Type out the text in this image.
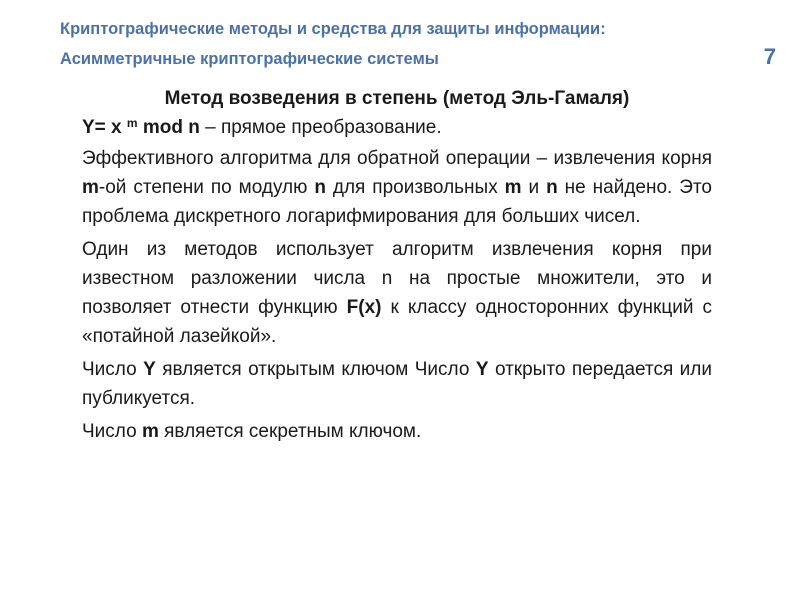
Криптографические методы и средства для защиты информации:
Асимметричные криптографические системы	7

Метод возведения в степень (метод Эль-Гамаля)

Y= x $^m$ mod n – прямое преобразование.

Эффективного алгоритма для обратной операции – извлечения корня m-ой степени по модулю n для произвольных m и n не найдено. Это проблема дискретного логарифмирования для больших чисел.

Один из методов использует алгоритм извлечения корня при известном разложении числа n на простые множители, это и позволяет отнести функцию F(x) к классу односторонних функций с «потайной лазейкой».

Число Y является открытым ключом Число Y открыто передается или публикуется.

Число m является секретным ключом.
